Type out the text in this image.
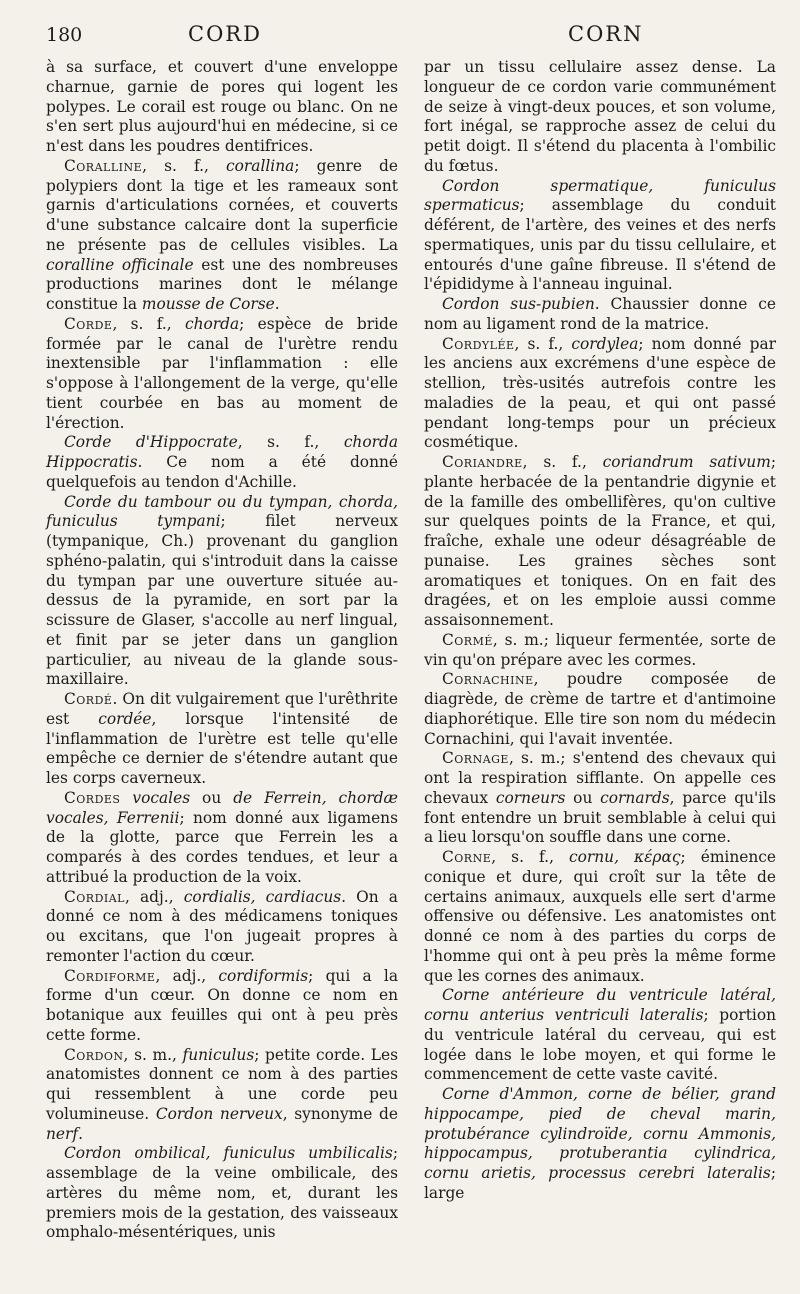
180	CORD	CORN

à sa surface, et couvert d'une enveloppe charnue, garnie de pores qui logent les polypes. Le corail est rouge ou blanc. On ne s'en sert plus aujourd'hui en médecine, si ce n'est dans les poudres dentifrices.

Coralline, s. f., corallina; genre de polypiers dont la tige et les rameaux sont garnis d'articulations cornées, et couverts d'une substance calcaire dont la superficie ne présente pas de cellules visibles. La coralline officinale est une des nombreuses productions marines dont le mélange constitue la mousse de Corse.

Corde, s. f., chorda; espèce de bride formée par le canal de l'urètre rendu inextensible par l'inflammation : elle s'oppose à l'allongement de la verge, qu'elle tient courbée en bas au moment de l'érection.

Corde d'Hippocrate, s. f., chorda Hippocratis. Ce nom a été donné quelquefois au tendon d'Achille.

Corde du tambour ou du tympan, chorda, funiculus tympani; filet nerveux (tympanique, Ch.) provenant du ganglion sphéno-palatin, qui s'introduit dans la caisse du tympan par une ouverture située au-dessus de la pyramide, en sort par la scissure de Glaser, s'accolle au nerf lingual, et finit par se jeter dans un ganglion particulier, au niveau de la glande sous-maxillaire.

Cordé. On dit vulgairement que l'urêthrite est cordée, lorsque l'intensité de l'inflammation de l'urètre est telle qu'elle empêche ce dernier de s'étendre autant que les corps caverneux.

Cordes vocales ou de Ferrein, chordæ vocales, Ferrenii; nom donné aux ligamens de la glotte, parce que Ferrein les a comparés à des cordes tendues, et leur a attribué la production de la voix.

Cordial, adj., cordialis, cardiacus. On a donné ce nom à des médicamens toniques ou excitans, que l'on jugeait propres à remonter l'action du cœur.

Cordiforme, adj., cordiformis; qui a la forme d'un cœur. On donne ce nom en botanique aux feuilles qui ont à peu près cette forme.

Cordon, s. m., funiculus; petite corde. Les anatomistes donnent ce nom à des parties qui ressemblent à une corde peu volumineuse. Cordon nerveux, synonyme de nerf.

Cordon ombilical, funiculus umbilicalis; assemblage de la veine ombilicale, des artères du même nom, et, durant les premiers mois de la gestation, des vaisseaux omphalo-mésentériques, unis

par un tissu cellulaire assez dense. La longueur de ce cordon varie communément de seize à vingt-deux pouces, et son volume, fort inégal, se rapproche assez de celui du petit doigt. Il s'étend du placenta à l'ombilic du fœtus.

Cordon spermatique, funiculus spermaticus; assemblage du conduit déférent, de l'artère, des veines et des nerfs spermatiques, unis par du tissu cellulaire, et entourés d'une gaîne fibreuse. Il s'étend de l'épididyme à l'anneau inguinal.

Cordon sus-pubien. Chaussier donne ce nom au ligament rond de la matrice.

Cordylée, s. f., cordylea; nom donné par les anciens aux excrémens d'une espèce de stellion, très-usités autrefois contre les maladies de la peau, et qui ont passé pendant long-temps pour un précieux cosmétique.

Coriandre, s. f., coriandrum sativum; plante herbacée de la pentandrie digynie et de la famille des ombellifères, qu'on cultive sur quelques points de la France, et qui, fraîche, exhale une odeur désagréable de punaise. Les graines sèches sont aromatiques et toniques. On en fait des dragées, et on les emploie aussi comme assaisonnement.

Cormé, s. m.; liqueur fermentée, sorte de vin qu'on prépare avec les cormes.

Cornachine, poudre composée de diagrède, de crème de tartre et d'antimoine diaphorétique. Elle tire son nom du médecin Cornachini, qui l'avait inventée.

Cornage, s. m.; s'entend des chevaux qui ont la respiration sifflante. On appelle ces chevaux corneurs ou cornards, parce qu'ils font entendre un bruit semblable à celui qui a lieu lorsqu'on souffle dans une corne.

Corne, s. f., cornu, κέρας; éminence conique et dure, qui croît sur la tête de certains animaux, auxquels elle sert d'arme offensive ou défensive. Les anatomistes ont donné ce nom à des parties du corps de l'homme qui ont à peu près la même forme que les cornes des animaux.

Corne antérieure du ventricule latéral, cornu anterius ventriculi lateralis; portion du ventricule latéral du cerveau, qui est logée dans le lobe moyen, et qui forme le commencement de cette vaste cavité.

Corne d'Ammon, corne de bélier, grand hippocampe, pied de cheval marin, protubérance cylindroïde, cornu Ammonis, hippocampus, protuberantia cylindrica, cornu arietis, processus cerebri lateralis; large
